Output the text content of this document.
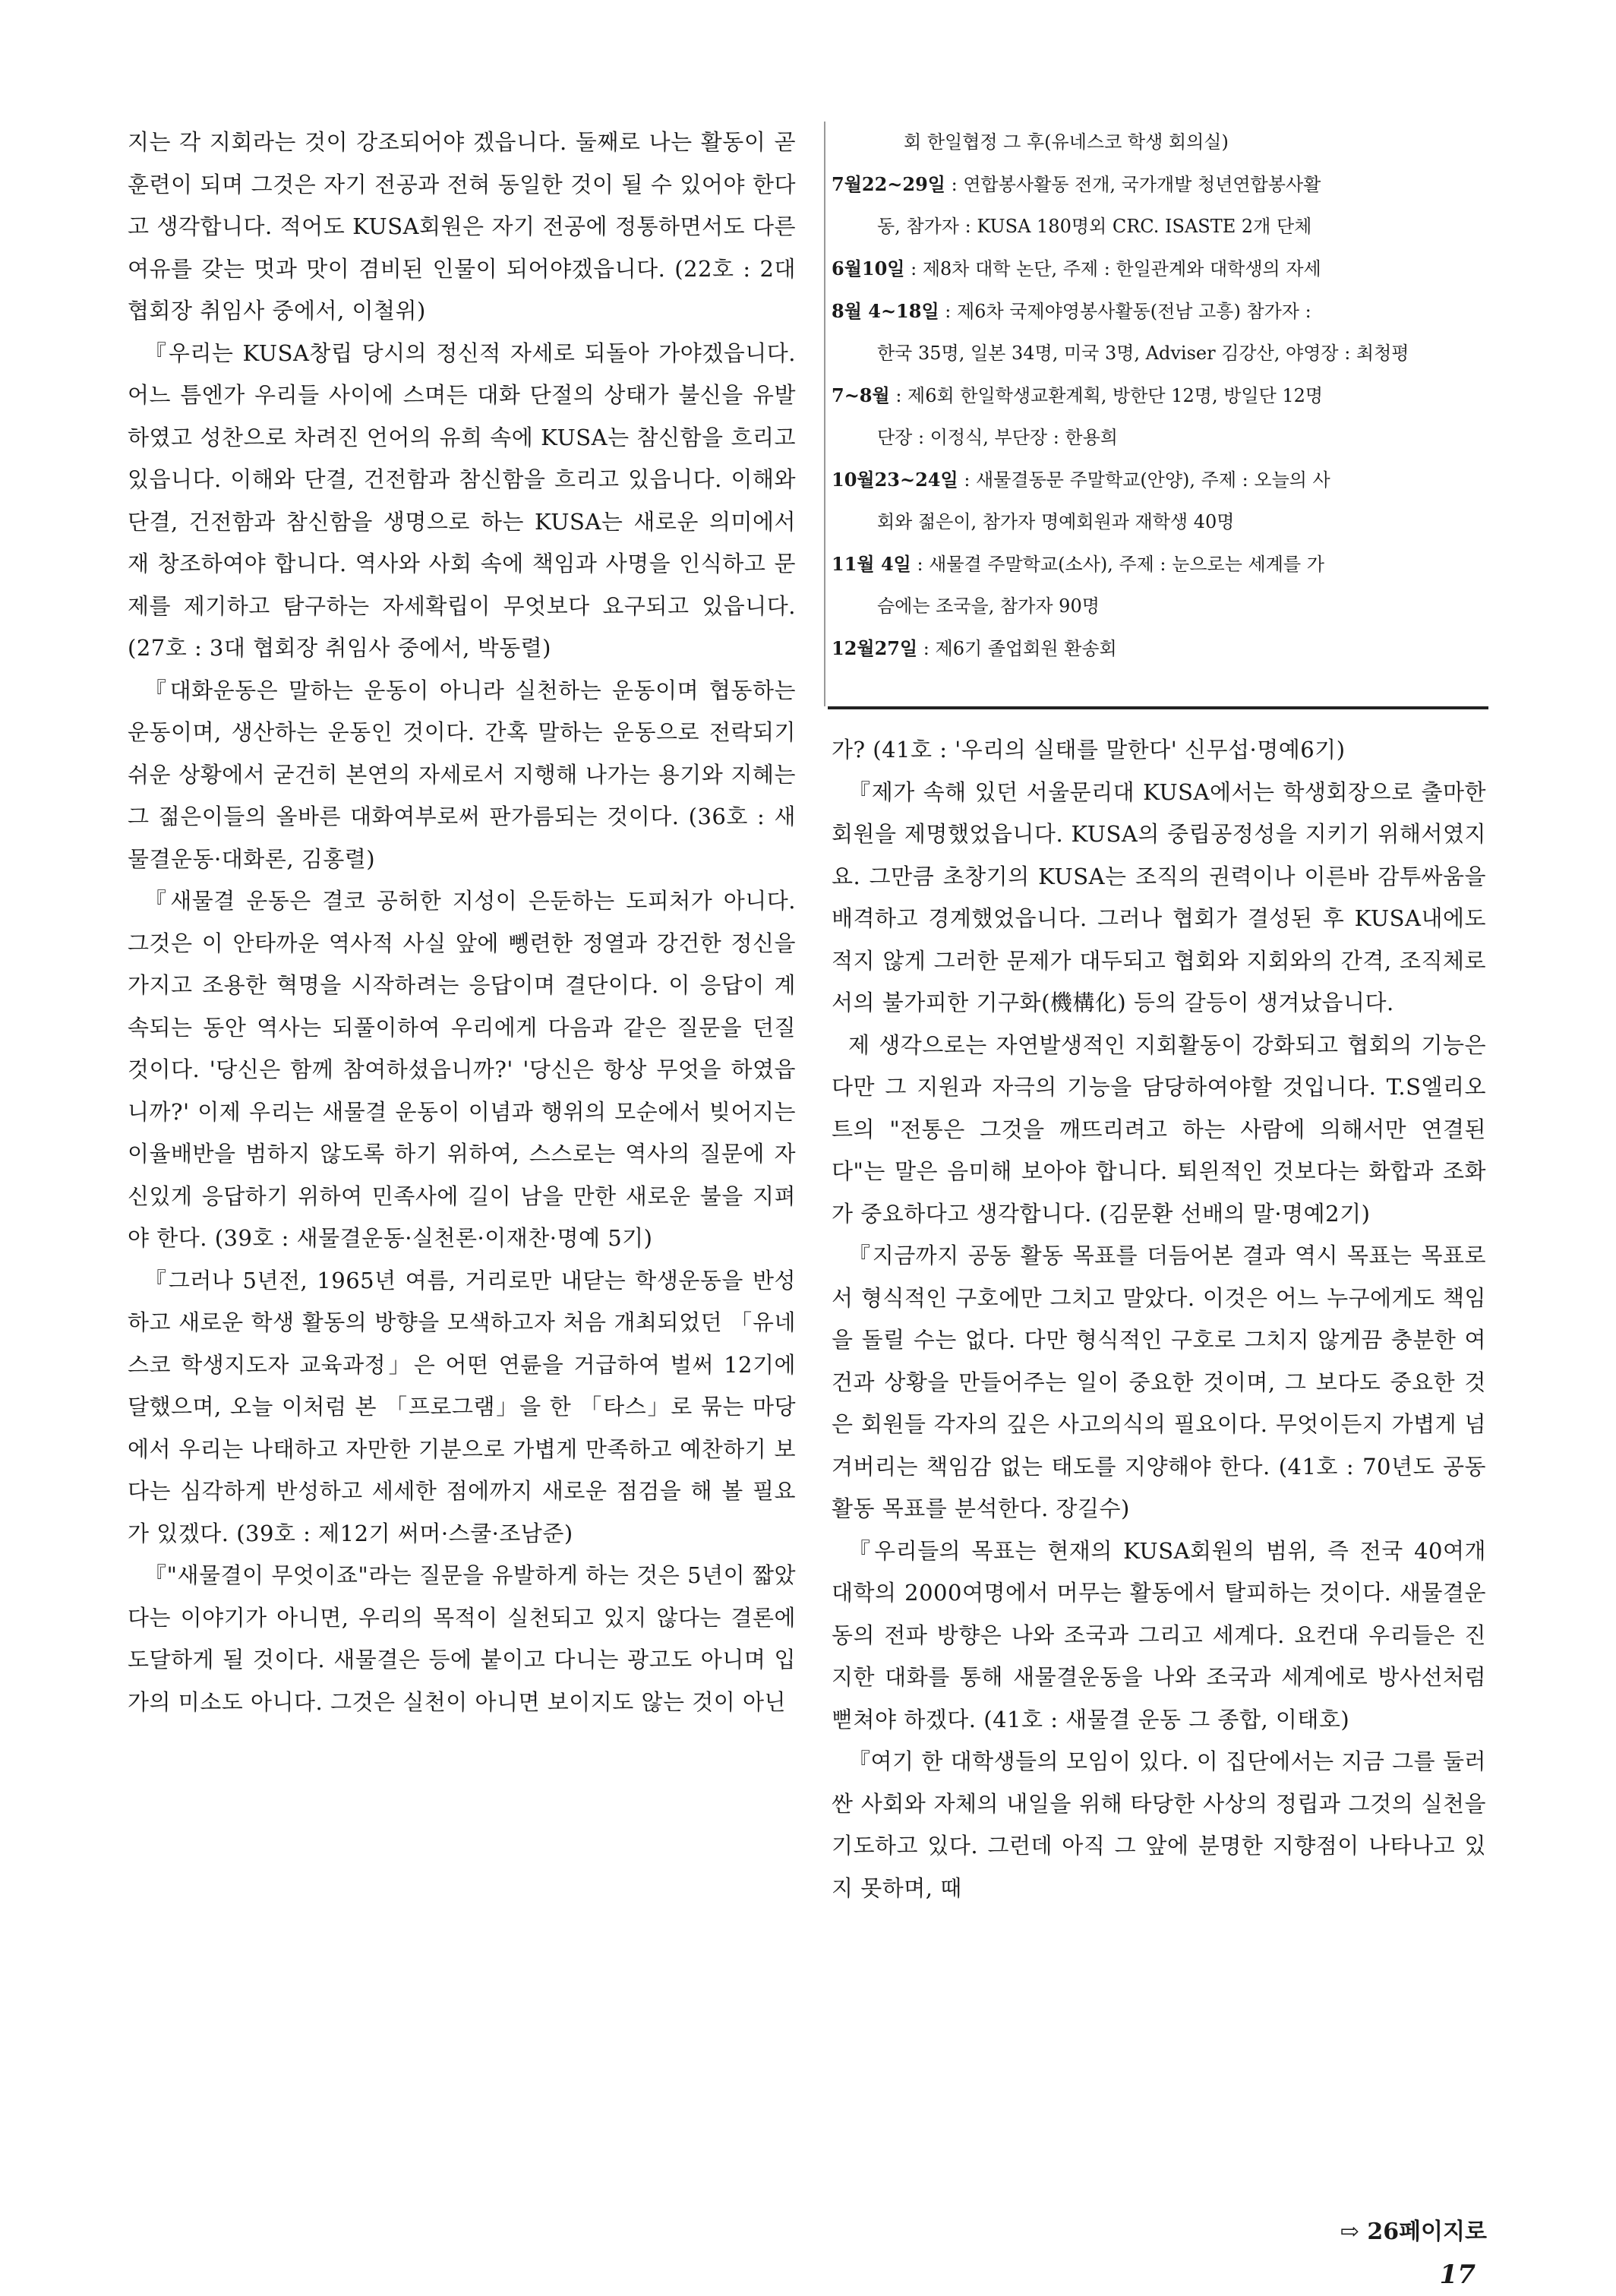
지는 각 지회라는 것이 강조되어야 겠읍니다. 둘째로 나는 활동이 곧 훈련이 되며 그것은 자기 전공과 전혀 동일한 것이 될 수 있어야 한다고 생각합니다. 적어도 KUSA회원은 자기 전공에 정통하면서도 다른 여유를 갖는 멋과 맛이 겸비된 인물이 되어야겠읍니다. (22호 : 2대 협회장 취임사 중에서, 이철위)

『우리는 KUSA창립 당시의 정신적 자세로 되돌아 가야겠읍니다. 어느 틈엔가 우리들 사이에 스며든 대화 단절의 상태가 불신을 유발하였고 성찬으로 차려진 언어의 유희 속에 KUSA는 참신함을 흐리고 있읍니다. 이해와 단결, 건전함과 참신함을 흐리고 있읍니다. 이해와 단결, 건전함과 참신함을 생명으로 하는 KUSA는 새로운 의미에서 재 창조하여야 합니다. 역사와 사회 속에 책임과 사명을 인식하고 문제를 제기하고 탐구하는 자세확립이 무엇보다 요구되고 있읍니다. (27호 : 3대 협회장 취임사 중에서, 박동렬)

『대화운동은 말하는 운동이 아니라 실천하는 운동이며 협동하는 운동이며, 생산하는 운동인 것이다. 간혹 말하는 운동으로 전락되기 쉬운 상황에서 굳건히 본연의 자세로서 지행해 나가는 용기와 지혜는 그 젊은이들의 올바른 대화여부로써 판가름되는 것이다. (36호 : 새물결운동·대화론, 김홍렬)

『새물결 운동은 결코 공허한 지성이 은둔하는 도피처가 아니다. 그것은 이 안타까운 역사적 사실 앞에 뼁련한 정열과 강건한 정신을 가지고 조용한 혁명을 시작하려는 응답이며 결단이다. 이 응답이 계속되는 동안 역사는 되풀이하여 우리에게 다음과 같은 질문을 던질 것이다. '당신은 함께 참여하셨읍니까?' '당신은 항상 무엇을 하였읍니까?' 이제 우리는 새물결 운동이 이념과 행위의 모순에서 빚어지는 이율배반을 범하지 않도록 하기 위하여, 스스로는 역사의 질문에 자신있게 응답하기 위하여 민족사에 길이 남을 만한 새로운 불을 지펴야 한다. (39호 : 새물결운동·실천론·이재찬·명예 5기)

『그러나 5년전, 1965년 여름, 거리로만 내닫는 학생운동을 반성하고 새로운 학생 활동의 방향을 모색하고자 처음 개최되었던 「유네스코 학생지도자 교육과정」은 어떤 연륜을 거급하여 벌써 12기에 달했으며, 오늘 이처럼 본 「프로그램」을 한 「타스」로 묶는 마당에서 우리는 나태하고 자만한 기분으로 가볍게 만족하고 예찬하기 보다는 심각하게 반성하고 세세한 점에까지 새로운 점검을 해 볼 필요가 있겠다. (39호 : 제12기 써머·스쿨·조남준)

『"새물결이 무엇이죠"라는 질문을 유발하게 하는 것은 5년이 짧았다는 이야기가 아니면, 우리의 목적이 실천되고 있지 않다는 결론에 도달하게 될 것이다. 새물결은 등에 붙이고 다니는 광고도 아니며 입가의 미소도 아니다. 그것은 실천이 아니면 보이지도 않는 것이 아닌

회 한일협정 그 후(유네스코 학생 회의실)
7월22~29일 : 연합봉사활동 전개, 국가개발 청년연합봉사활
동, 참가자 : KUSA 180명외 CRC. ISASTE 2개 단체
6월10일 : 제8차 대학 논단, 주제 : 한일관계와 대학생의 자세
8월 4~18일 : 제6차 국제야영봉사활동(전남 고흥) 참가자 :
한국 35명, 일본 34명, 미국 3명, Adviser 김강산, 야영장 : 최청평
7~8월 : 제6회 한일학생교환계획, 방한단 12명, 방일단 12명
단장 : 이정식, 부단장 : 한용희
10월23~24일 : 새물결동문 주말학교(안양), 주제 : 오늘의 사
회와 젊은이, 참가자 명예회원과 재학생 40명
11월 4일 : 새물결 주말학교(소사), 주제 : 눈으로는 세계를 가
슴에는 조국을, 참가자 90명
12월27일 : 제6기 졸업회원 환송회

가? (41호 : '우리의 실태를 말한다' 신무섭·명예6기)

『제가 속해 있던 서울문리대 KUSA에서는 학생회장으로 출마한 회원을 제명했었읍니다. KUSA의 중립공정성을 지키기 위해서였지요. 그만큼 초창기의 KUSA는 조직의 권력이나 이른바 감투싸움을 배격하고 경계했었읍니다. 그러나 협회가 결성된 후 KUSA내에도 적지 않게 그러한 문제가 대두되고 협회와 지회와의 간격, 조직체로서의 불가피한 기구화(機構化) 등의 갈등이 생겨났읍니다.

제 생각으로는 자연발생적인 지회활동이 강화되고 협회의 기능은 다만 그 지원과 자극의 기능을 담당하여야할 것입니다. T.S엘리오트의 "전통은 그것을 깨뜨리려고 하는 사람에 의해서만 연결된다"는 말은 음미해 보아야 합니다. 퇴읜적인 것보다는 화합과 조화가 중요하다고 생각합니다. (김문환 선배의 말·명예2기)

『지금까지 공동 활동 목표를 더듬어본 결과 역시 목표는 목표로서 형식적인 구호에만 그치고 말았다. 이것은 어느 누구에게도 책임을 돌릴 수는 없다. 다만 형식적인 구호로 그치지 않게끔 충분한 여건과 상황을 만들어주는 일이 중요한 것이며, 그 보다도 중요한 것은 회원들 각자의 깊은 사고의식의 필요이다. 무엇이든지 가볍게 넘겨버리는 책임감 없는 태도를 지양해야 한다. (41호 : 70년도 공동활동 목표를 분석한다. 장길수)

『우리들의 목표는 현재의 KUSA회원의 범위, 즉 전국 40여개 대학의 2000여명에서 머무는 활동에서 탈피하는 것이다. 새물결운동의 전파 방향은 나와 조국과 그리고 세계다. 요컨대 우리들은 진지한 대화를 통해 새물결운동을 나와 조국과 세계에로 방사선처럼 뻗쳐야 하겠다. (41호 : 새물결 운동 그 종합, 이태호)

『여기 한 대학생들의 모임이 있다. 이 집단에서는 지금 그를 둘러싼 사회와 자체의 내일을 위해 타당한 사상의 정립과 그것의 실천을 기도하고 있다. 그런데 아직 그 앞에 분명한 지향점이 나타나고 있지 못하며, 때

⇨ 26페이지로
17
